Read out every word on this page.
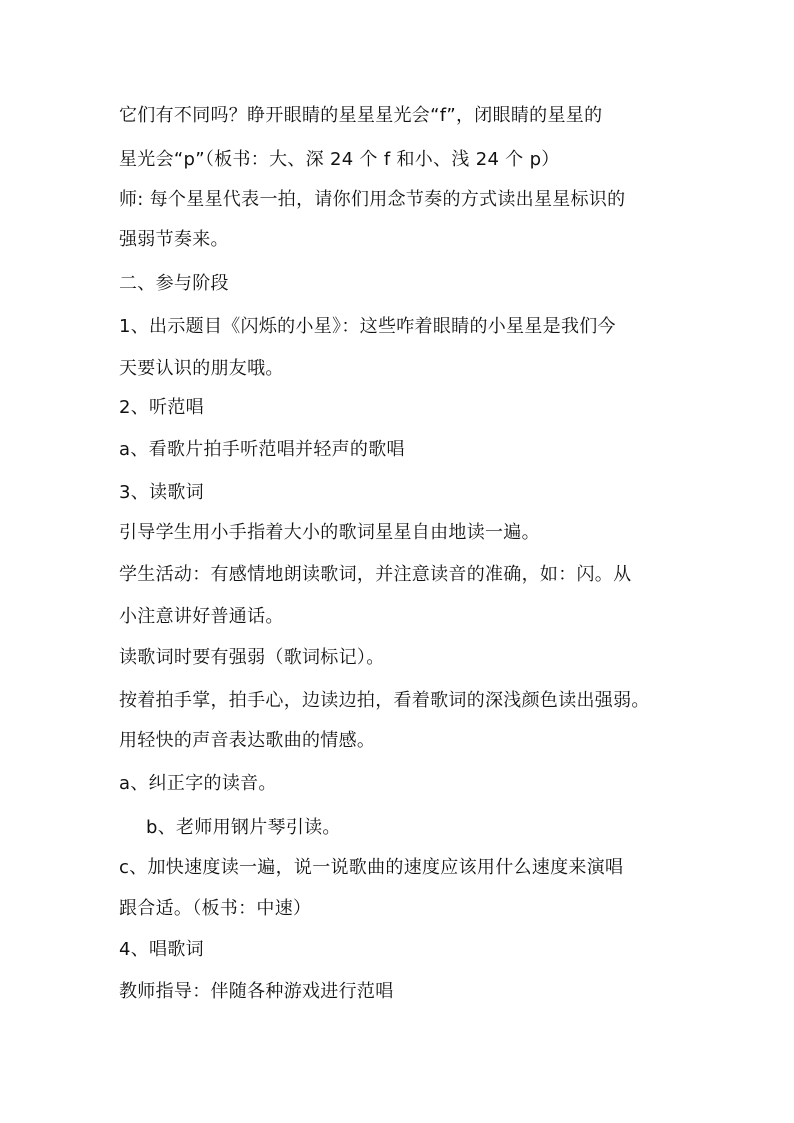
它们有不同吗？睁开眼睛的星星星光会“f”，闭眼睛的星星的
星光会“p”（板书：大、深 24 个 f 和小、浅 24 个 p）
师: 每个星星代表一拍，请你们用念节奏的方式读出星星标识的
强弱节奏来。
二、参与阶段
1、出示题目《闪烁的小星》：这些咋着眼睛的小星星是我们今
天要认识的朋友哦。
2、听范唱
a、看歌片拍手听范唱并轻声的歌唱
3、读歌词
引导学生用小手指着大小的歌词星星自由地读一遍。
学生活动：有感情地朗读歌词，并注意读音的准确，如：闪。从
小注意讲好普通话。
读歌词时要有强弱（歌词标记）。
按着拍手掌，拍手心，边读边拍，看着歌词的深浅颜色读出强弱。
用轻快的声音表达歌曲的情感。
a、纠正字的读音。
b、老师用钢片琴引读。
c、加快速度读一遍，说一说歌曲的速度应该用什么速度来演唱
跟合适。（板书：中速）
4、唱歌词
教师指导：伴随各种游戏进行范唱
